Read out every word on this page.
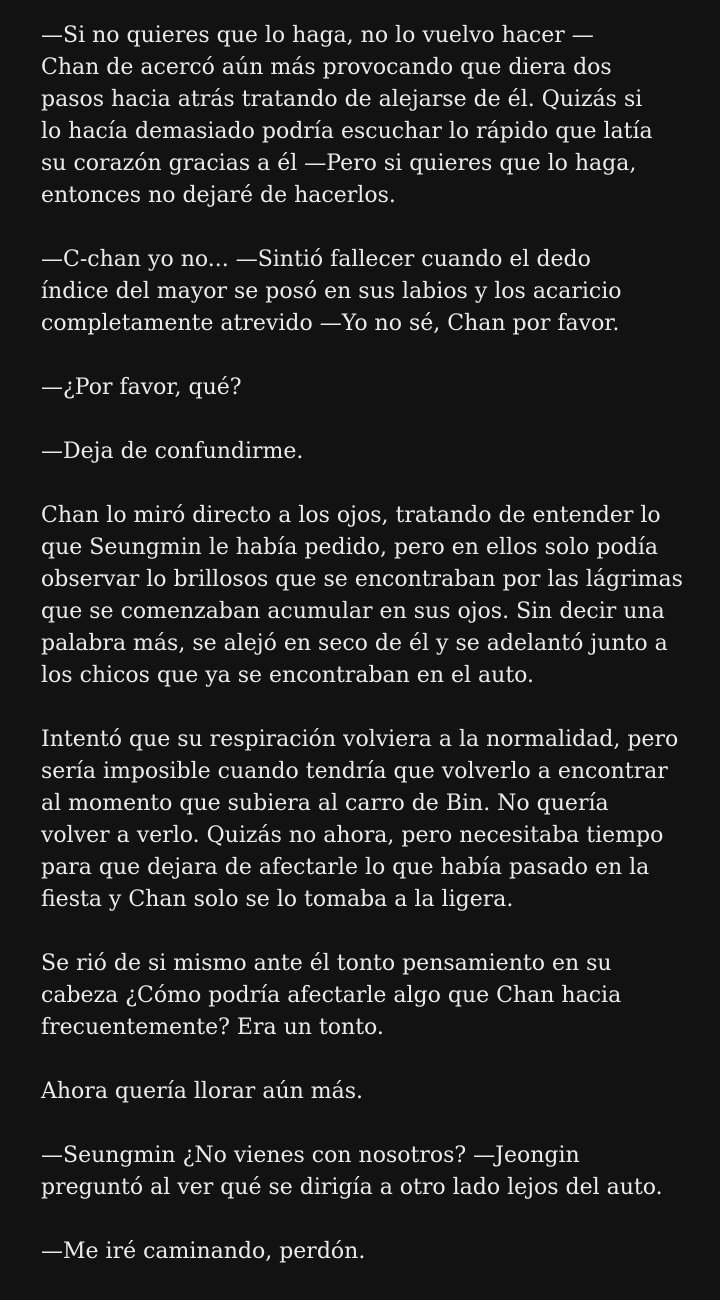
—Si no quieres que lo haga, no lo vuelvo hacer —
Chan de acercó aún más provocando que diera dos
pasos hacia atrás tratando de alejarse de él. Quizás si
lo hacía demasiado podría escuchar lo rápido que latía
su corazón gracias a él —Pero si quieres que lo haga,
entonces no dejaré de hacerlos.

—C-chan yo no... —Sintió fallecer cuando el dedo
índice del mayor se posó en sus labios y los acaricio
completamente atrevido —Yo no sé, Chan por favor.

—¿Por favor, qué?

—Deja de confundirme.

Chan lo miró directo a los ojos, tratando de entender lo
que Seungmin le había pedido, pero en ellos solo podía
observar lo brillosos que se encontraban por las lágrimas
que se comenzaban acumular en sus ojos. Sin decir una
palabra más, se alejó en seco de él y se adelantó junto a
los chicos que ya se encontraban en el auto.

Intentó que su respiración volviera a la normalidad, pero
sería imposible cuando tendría que volverlo a encontrar
al momento que subiera al carro de Bin. No quería
volver a verlo. Quizás no ahora, pero necesitaba tiempo
para que dejara de afectarle lo que había pasado en la
fiesta y Chan solo se lo tomaba a la ligera.

Se rió de si mismo ante él tonto pensamiento en su
cabeza ¿Cómo podría afectarle algo que Chan hacia
frecuentemente? Era un tonto.

Ahora quería llorar aún más.

—Seungmin ¿No vienes con nosotros? —Jeongin
preguntó al ver qué se dirigía a otro lado lejos del auto.

—Me iré caminando, perdón.
